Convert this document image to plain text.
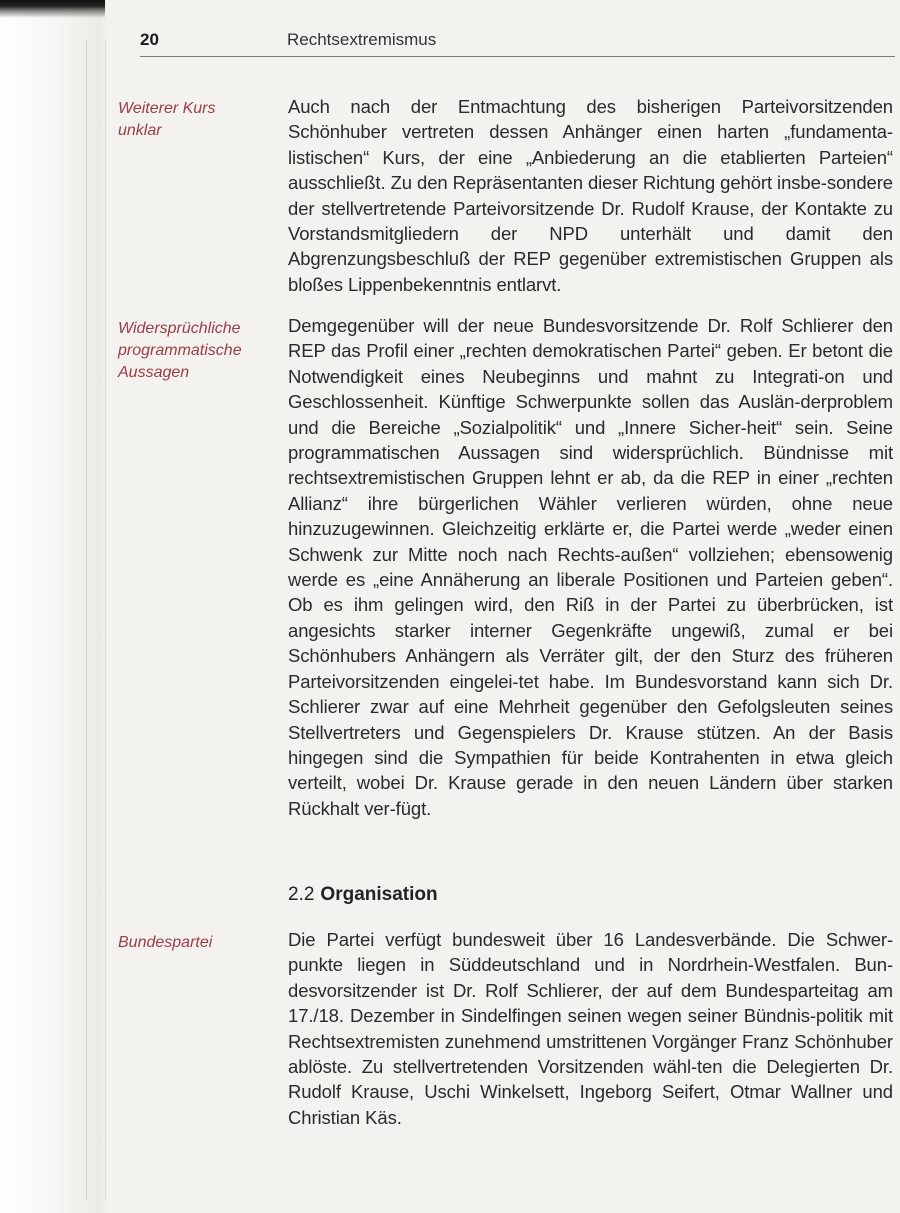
20	Rechtsextremismus
Weiterer Kurs
unklar
Auch nach der Entmachtung des bisherigen Parteivorsitzenden Schönhuber vertreten dessen Anhänger einen harten „fundamenta-listischen“ Kurs, der eine „Anbiederung an die etablierten Parteien“ ausschließt. Zu den Repräsentanten dieser Richtung gehört insbe-sondere der stellvertretende Parteivorsitzende Dr. Rudolf Krause, der Kontakte zu Vorstandsmitgliedern der NPD unterhält und damit den Abgrenzungsbeschluß der REP gegenüber extremistischen Gruppen als bloßes Lippenbekenntnis entlarvt.
Widersprüchliche
programmatische
Aussagen
Demgegenüber will der neue Bundesvorsitzende Dr. Rolf Schlierer den REP das Profil einer „rechten demokratischen Partei“ geben. Er betont die Notwendigkeit eines Neubeginns und mahnt zu Integrati-on und Geschlossenheit. Künftige Schwerpunkte sollen das Auslän-derproblem und die Bereiche „Sozialpolitik“ und „Innere Sicher-heit“ sein. Seine programmatischen Aussagen sind widersprüchlich. Bündnisse mit rechtsextremistischen Gruppen lehnt er ab, da die REP in einer „rechten Allianz“ ihre bürgerlichen Wähler verlieren würden, ohne neue hinzuzugewinnen. Gleichzeitig erklärte er, die Partei werde „weder einen Schwenk zur Mitte noch nach Rechts-außen“ vollziehen; ebensowenig werde es „eine Annäherung an liberale Positionen und Parteien geben“. Ob es ihm gelingen wird, den Riß in der Partei zu überbrücken, ist angesichts starker interner Gegenkräfte ungewiß, zumal er bei Schönhubers Anhängern als Verräter gilt, der den Sturz des früheren Parteivorsitzenden eingelei-tet habe. Im Bundesvorstand kann sich Dr. Schlierer zwar auf eine Mehrheit gegenüber den Gefolgsleuten seines Stellvertreters und Gegenspielers Dr. Krause stützen. An der Basis hingegen sind die Sympathien für beide Kontrahenten in etwa gleich verteilt, wobei Dr. Krause gerade in den neuen Ländern über starken Rückhalt ver-fügt.
2.2 Organisation
Bundespartei	Die Partei verfügt bundesweit über 16 Landesverbände. Die Schwer-punkte liegen in Süddeutschland und in Nordrhein-Westfalen. Bun-desvorsitzender ist Dr. Rolf Schlierer, der auf dem Bundesparteitag am 17./18. Dezember in Sindelfingen seinen wegen seiner Bündnis-politik mit Rechtsextremisten zunehmend umstrittenen Vorgänger Franz Schönhuber ablöste. Zu stellvertretenden Vorsitzenden wähl-ten die Delegierten Dr. Rudolf Krause, Uschi Winkelsett, Ingeborg Seifert, Otmar Wallner und Christian Käs.
